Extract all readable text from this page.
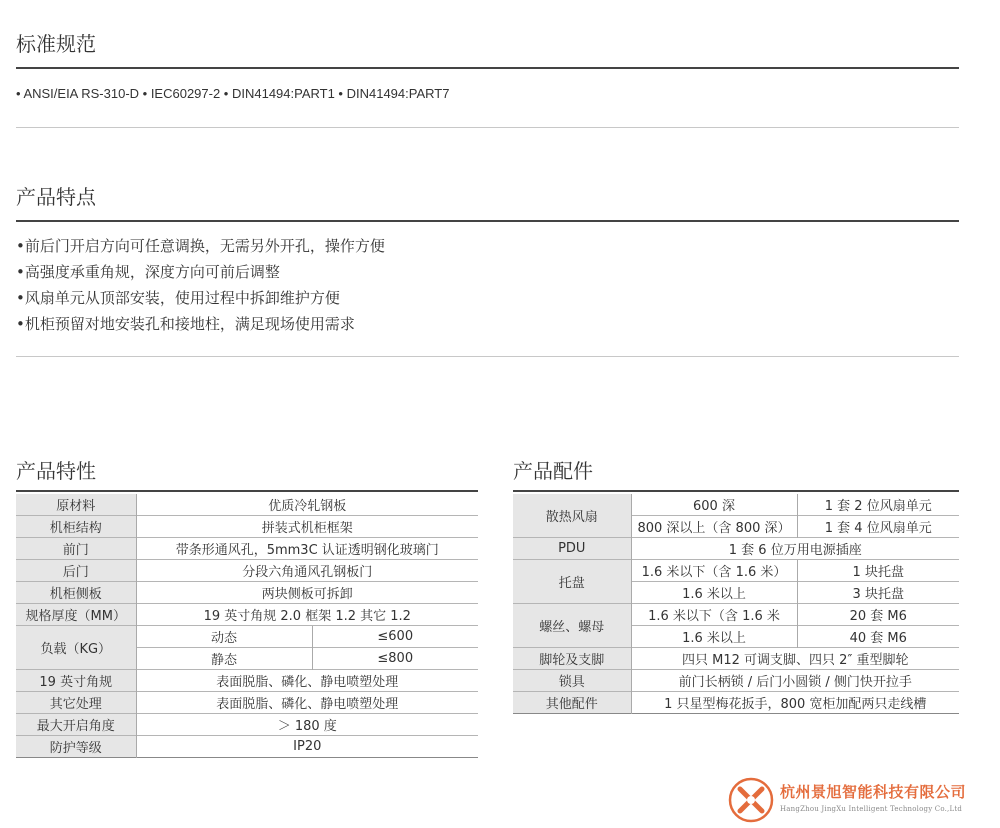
标准规范
• ANSI/EIA RS-310-D • IEC60297-2 • DIN41494:PART1 • DIN41494:PART7
产品特点
•前后门开启方向可任意调换，无需另外开孔，操作方便
•高强度承重角规，深度方向可前后调整
•风扇单元从顶部安装，使用过程中拆卸维护方便
•机柜预留对地安装孔和接地柱，满足现场使用需求
产品特性
原材料	优质冷轧钢板	
机柜结构	拼装式机柜框架	
前门	带条形通风孔，5mm3C 认证透明钢化玻璃门	
后门	分段六角通风孔钢板门	
机柜侧板	两块侧板可拆卸	
规格厚度（MM）	19 英寸角规 2.0 框架 1.2 其它 1.2	
负载（KG）	动态	≤600
	静态	≤800
19 英寸角规	表面脱脂、磷化、静电喷塑处理	
其它处理	表面脱脂、磷化、静电喷塑处理	
最大开启角度	＞ 180 度	
防护等级	IP20	
产品配件
散热风扇	600 深	1 套 2 位风扇单元
	800 深以上（含 800 深）	1 套 4 位风扇单元
PDU	1 套 6 位万用电源插座	
托盘	1.6 米以下（含 1.6 米）	1 块托盘
	1.6 米以上	3 块托盘
螺丝、螺母	1.6 米以下（含 1.6 米	20 套 M6
	1.6 米以上	40 套 M6
脚轮及支脚	四只 M12 可调支脚、四只 2″ 重型脚轮	
锁具	前门长柄锁 / 后门小圆锁 / 侧门快开拉手	
其他配件	1 只星型梅花扳手，800 宽柜加配两只走线槽	
杭州景旭智能科技有限公司
HangZhou JingXu Intelligent Technology Co.,Ltd
